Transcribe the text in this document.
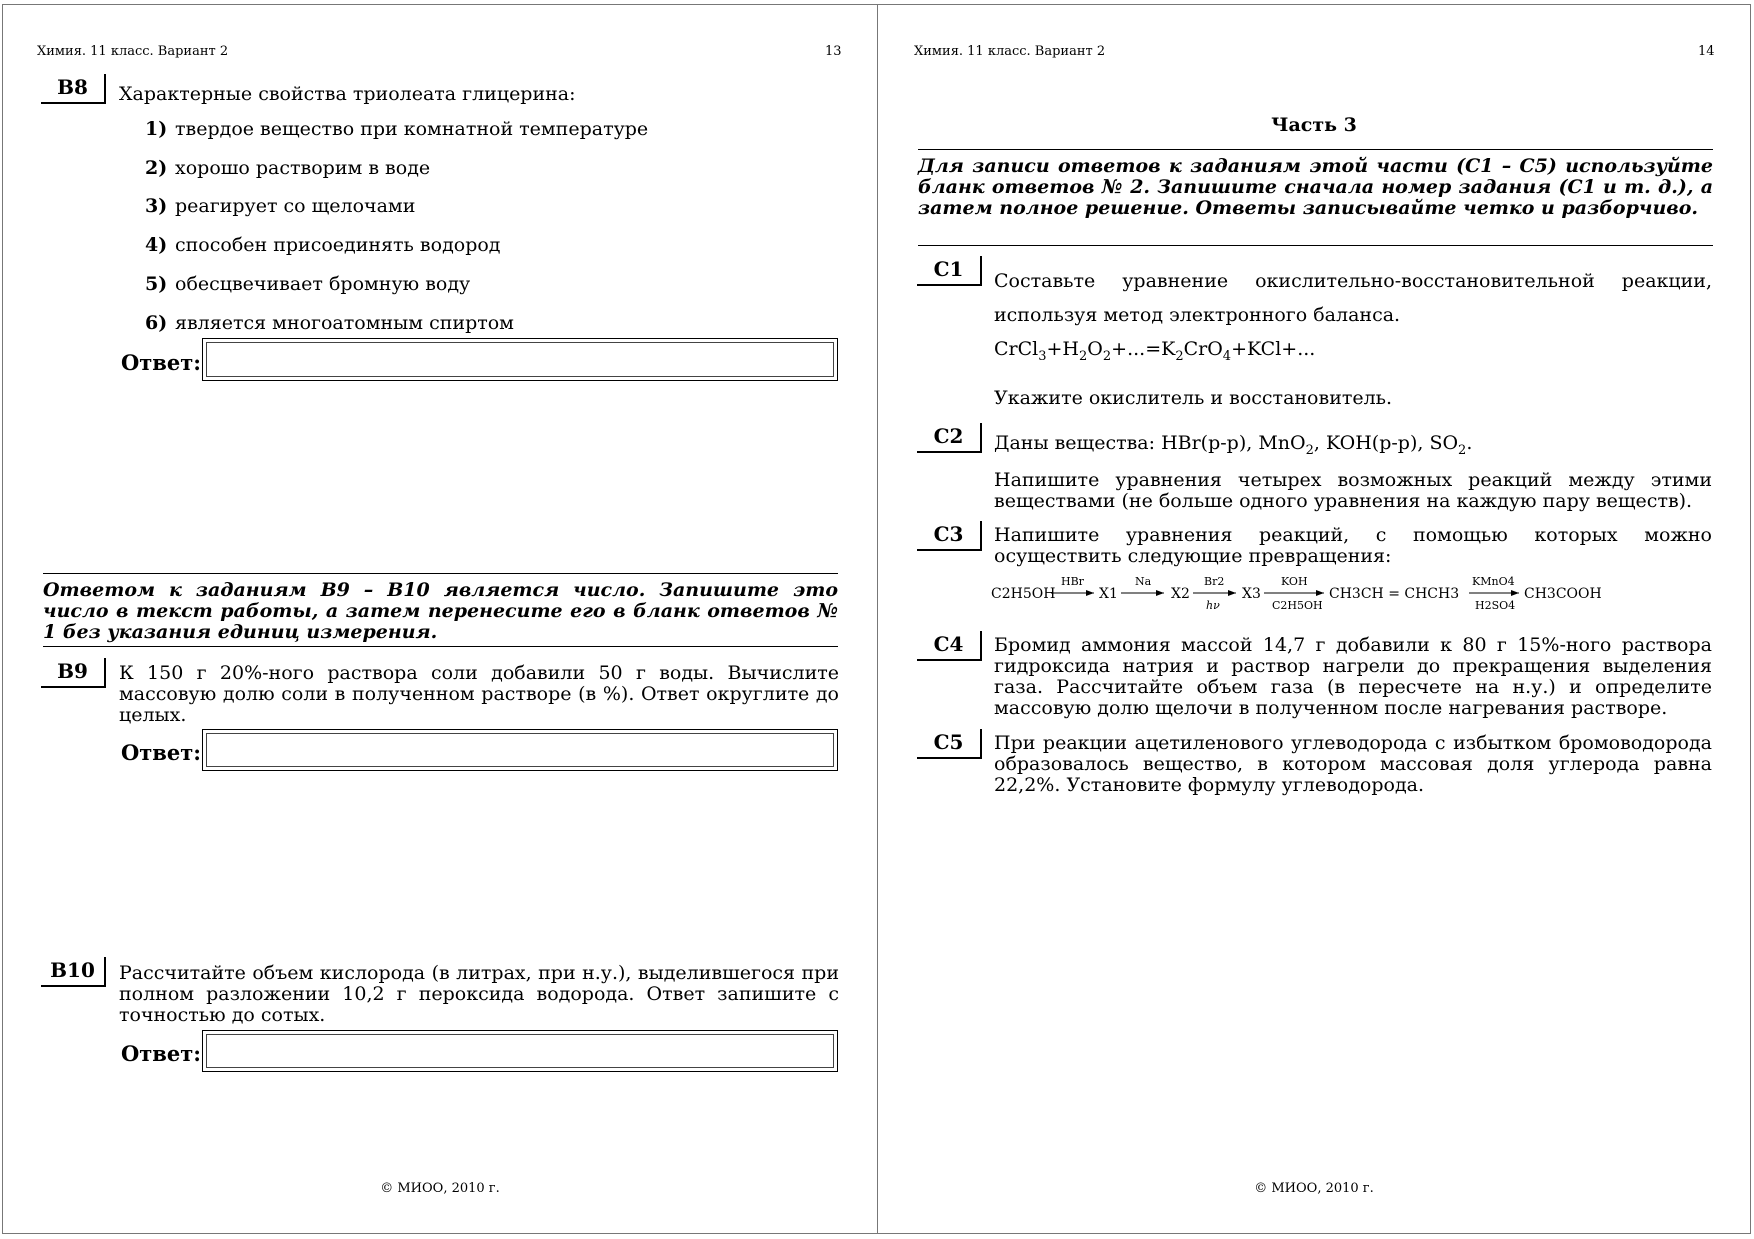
Химия. 11 класс. Вариант 2	13
B8	Характерные свойства триолеата глицерина:
1) твердое вещество при комнатной температуре
2) хорошо растворим в воде
3) реагирует со щелочами
4) способен присоединять водород
5) обесцвечивает бромную воду
6) является многоатомным спиртом
Ответ:
Ответом к заданиям B9 – B10 является число. Запишите это число в текст работы, а затем перенесите его в бланк ответов № 1 без указания единиц измерения.
B9	К 150 г 20%-ного раствора соли добавили 50 г воды. Вычислите массовую долю соли в полученном растворе (в %). Ответ округлите до целых.
Ответ:
B10	Рассчитайте объем кислорода (в литрах, при н.у.), выделившегося при полном разложении 10,2 г пероксида водорода. Ответ запишите с точностью до сотых.
Ответ:
© МИОО, 2010 г.
Химия. 11 класс. Вариант 2	14
Часть 3
Для записи ответов к заданиям этой части (C1 – C5) используйте бланк ответов № 2. Запишите сначала номер задания (C1 и т. д.), а затем полное решение. Ответы записывайте четко и разборчиво.
C1	Составьте уравнение окислительно-восстановительной реакции, используя метод электронного баланса.
$CrCl_3+H_2O_2+...=K_2CrO_4+KCl+$...
Укажите окислитель и восстановитель.
C2	Даны вещества: HBr(р-р), MnO$_2$, KOH(р-р), $SO_2$.
Напишите уравнения четырех возможных реакций между этими веществами (не больше одного уравнения на каждую пару веществ).
C3	Напишите уравнения реакций, с помощью которых можно осуществить следующие превращения:
C2H5OH
HBr
X1
Na
X2
Br2
hν
X3
KOH
C2H5OH
CH3CH = CHCH3
KMnO4
H2SO4
CH3COOH
C4	Бромид аммония массой 14,7 г добавили к 80 г 15%-ного раствора гидроксида натрия и раствор нагрели до прекращения выделения газа. Рассчитайте объем газа (в пересчете на н.у.) и определите массовую долю щелочи в полученном после нагревания растворе.
C5	При реакции ацетиленового углеводорода с избытком бромоводорода образовалось вещество, в котором массовая доля углерода равна 22,2%. Установите формулу углеводорода.
© МИОО, 2010 г.
